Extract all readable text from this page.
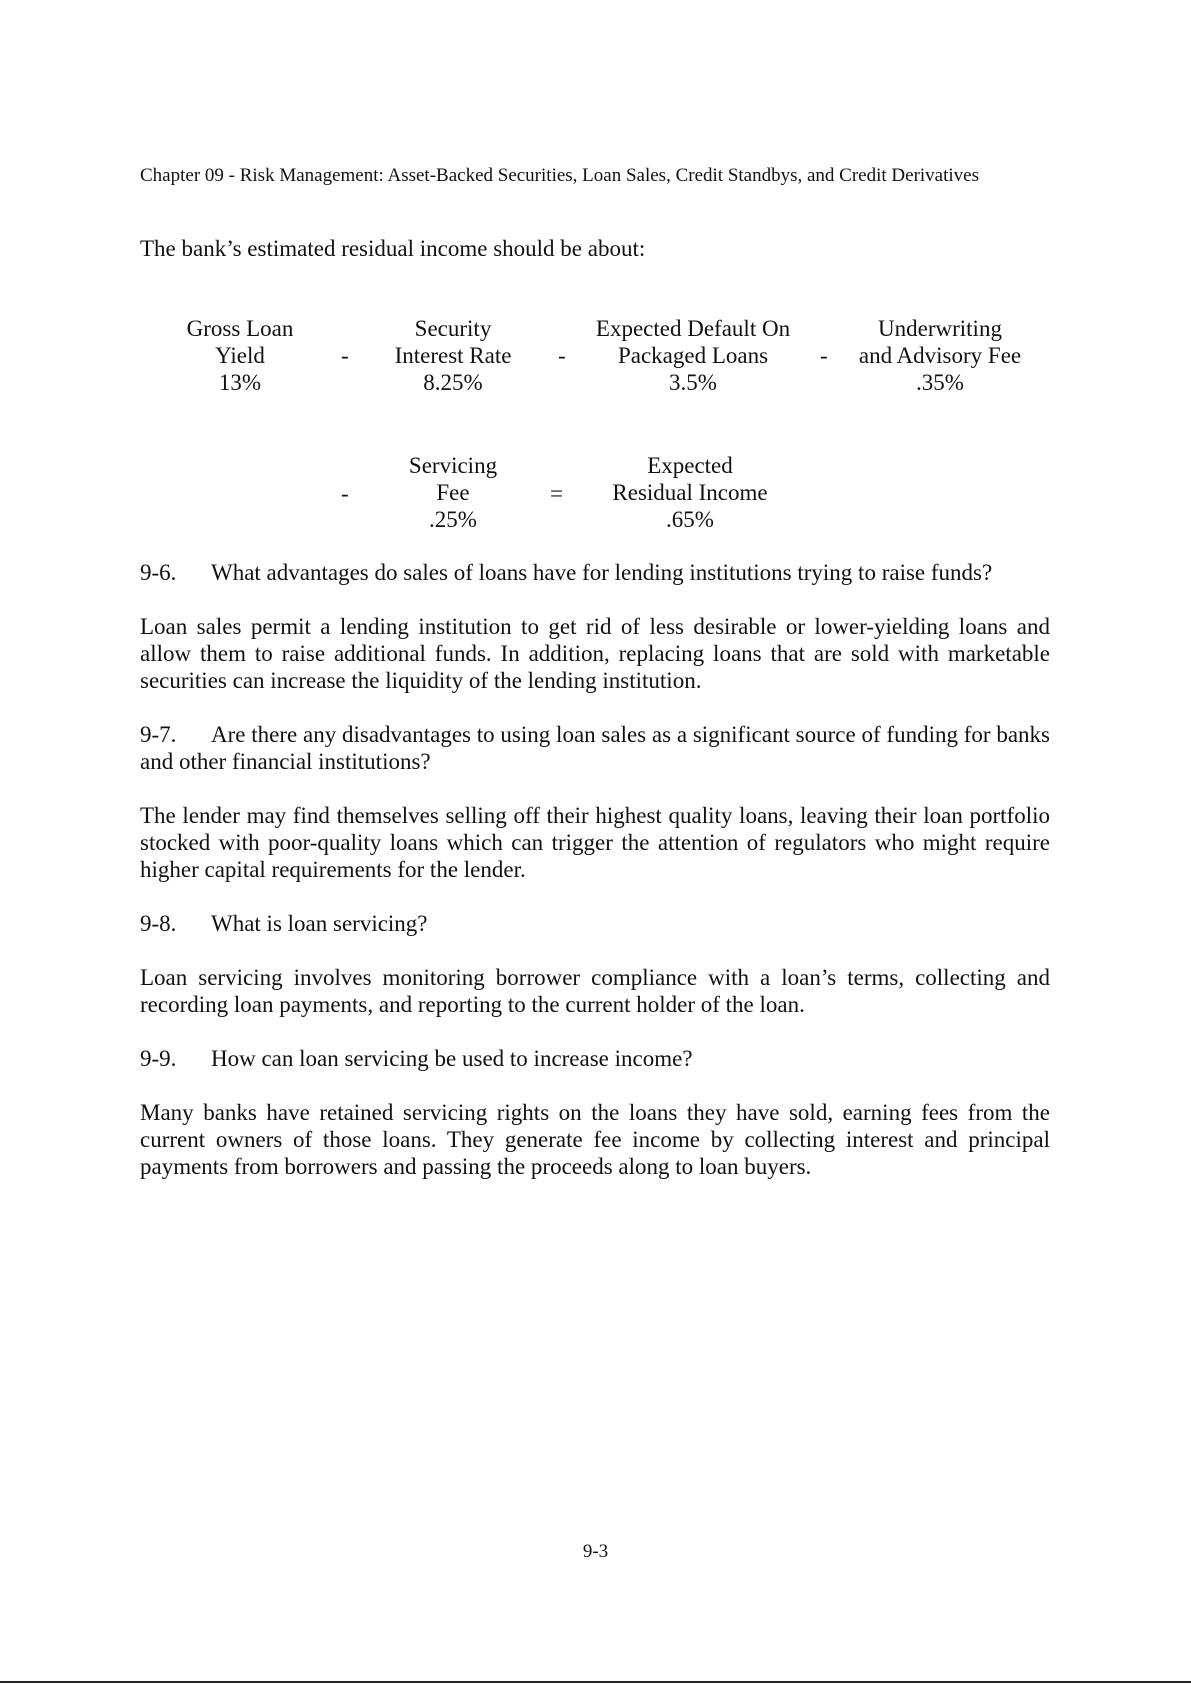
Chapter 09 - Risk Management: Asset-Backed Securities, Loan Sales, Credit Standbys, and Credit Derivatives
The bank’s estimated residual income should be about:
Gross Loan
Yield
13%
-
Security
Interest Rate
8.25%
-
Expected Default On
Packaged Loans
3.5%
-
Underwriting
and Advisory Fee
.35%
-
Servicing
Fee
.25%
=
Expected
Residual Income
.65%
9-6. What advantages do sales of loans have for lending institutions trying to raise funds?
Loan sales permit a lending institution to get rid of less desirable or lower-yielding loans and allow them to raise additional funds. In addition, replacing loans that are sold with marketable securities can increase the liquidity of the lending institution.
9-7. Are there any disadvantages to using loan sales as a significant source of funding for banks and other financial institutions?
The lender may find themselves selling off their highest quality loans, leaving their loan portfolio stocked with poor-quality loans which can trigger the attention of regulators who might require higher capital requirements for the lender.
9-8. What is loan servicing?
Loan servicing involves monitoring borrower compliance with a loan’s terms, collecting and recording loan payments, and reporting to the current holder of the loan.
9-9. How can loan servicing be used to increase income?
Many banks have retained servicing rights on the loans they have sold, earning fees from the current owners of those loans. They generate fee income by collecting interest and principal payments from borrowers and passing the proceeds along to loan buyers.
9-3
